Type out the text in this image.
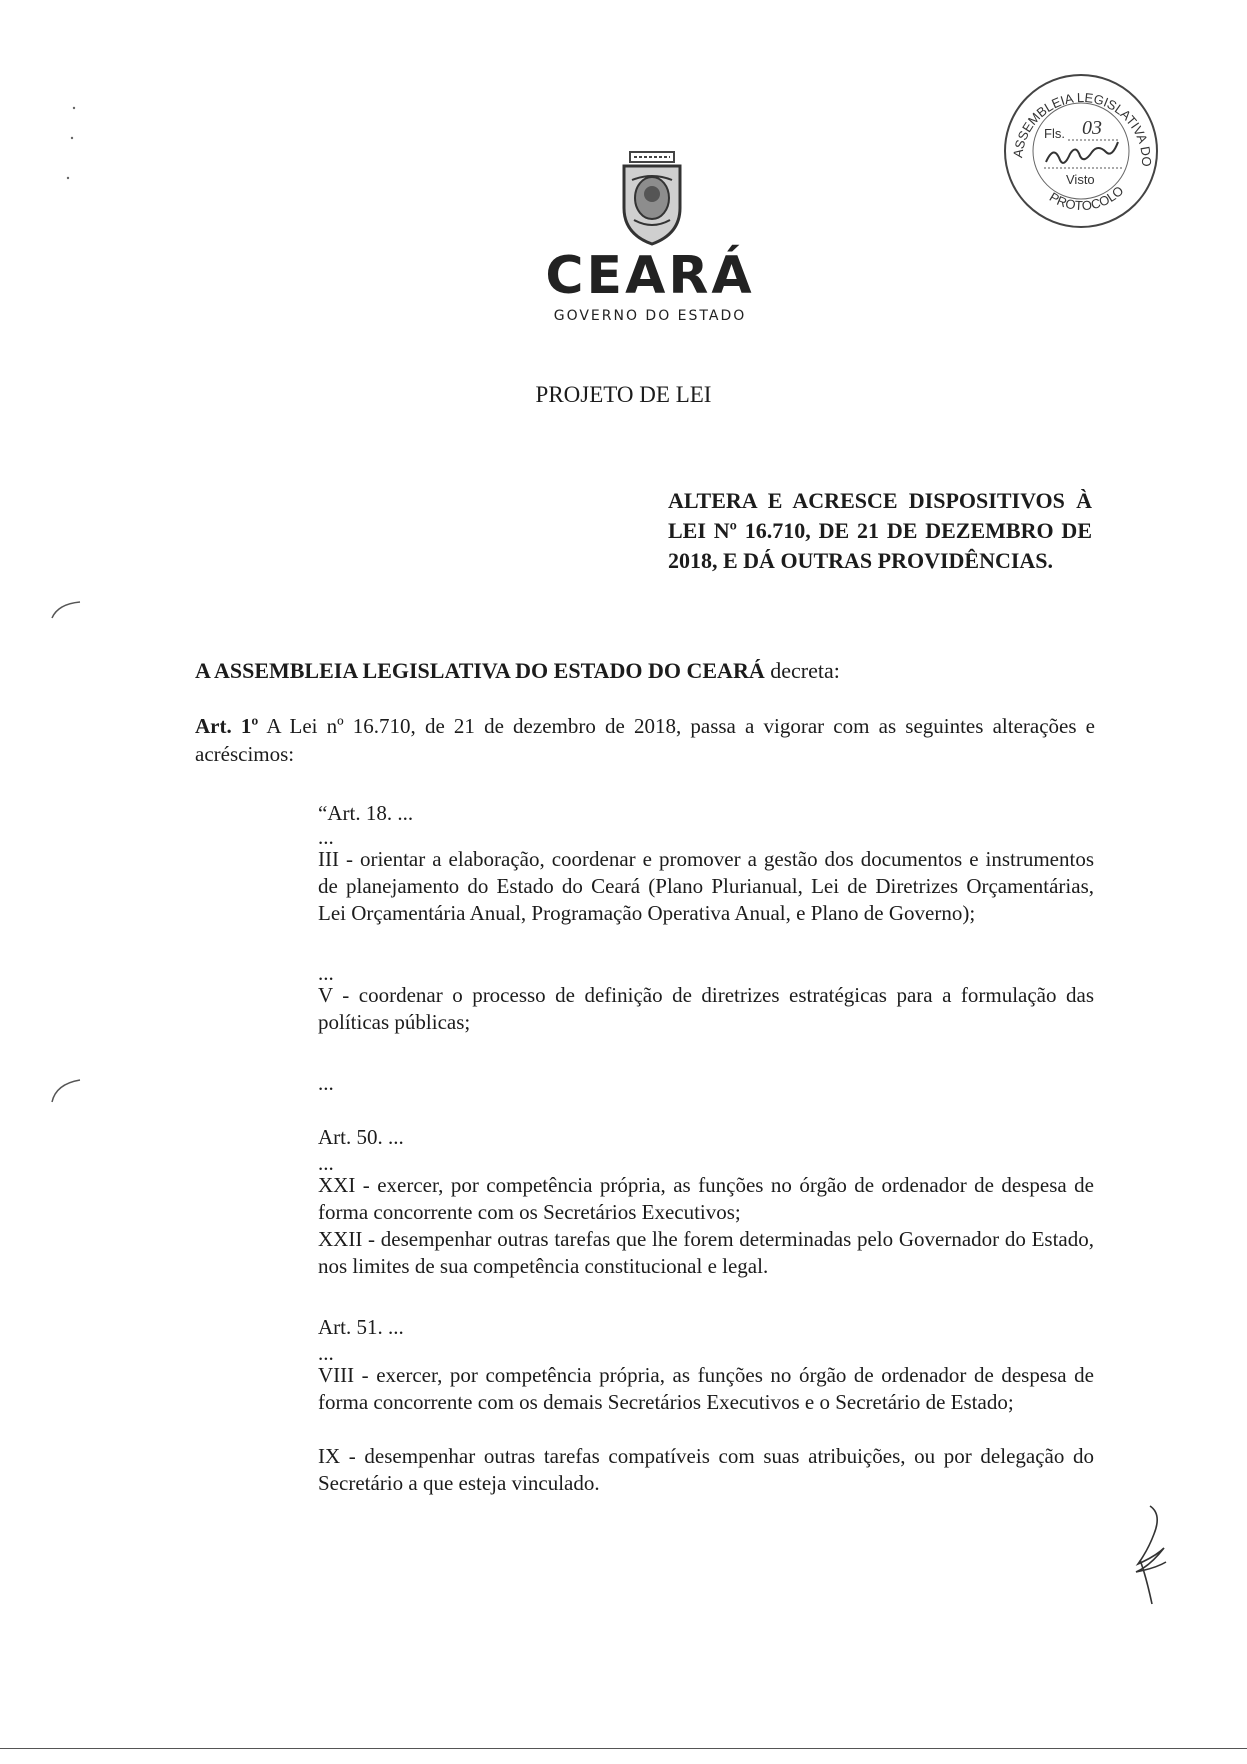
CEARÁ
GOVERNO DO ESTADO
ASSEMBLEIA LEGISLATIVA DO
PROTOCOLO
Fls. 03
Visto
PROJETO DE LEI
ALTERA E ACRESCE DISPOSITIVOS À LEI Nº 16.710, DE 21 DE DEZEMBRO DE 2018, E DÁ OUTRAS PROVIDÊNCIAS.
A ASSEMBLEIA LEGISLATIVA DO ESTADO DO CEARÁ decreta:
Art. 1º A Lei nº 16.710, de 21 de dezembro de 2018, passa a vigorar com as seguintes alterações e acréscimos:
“Art. 18. ...
...
III - orientar a elaboração, coordenar e promover a gestão dos documentos e instrumentos de planejamento do Estado do Ceará (Plano Plurianual, Lei de Diretrizes Orçamentárias, Lei Orçamentária Anual, Programação Operativa Anual, e Plano de Governo);
...
V - coordenar o processo de definição de diretrizes estratégicas para a formulação das políticas públicas;
...
Art. 50. ...
...
XXI - exercer, por competência própria, as funções no órgão de ordenador de despesa de forma concorrente com os Secretários Executivos;
XXII - desempenhar outras tarefas que lhe forem determinadas pelo Governador do Estado, nos limites de sua competência constitucional e legal.
Art. 51. ...
...
VIII - exercer, por competência própria, as funções no órgão de ordenador de despesa de forma concorrente com os demais Secretários Executivos e o Secretário de Estado;
IX - desempenhar outras tarefas compatíveis com suas atribuições, ou por delegação do Secretário a que esteja vinculado.
